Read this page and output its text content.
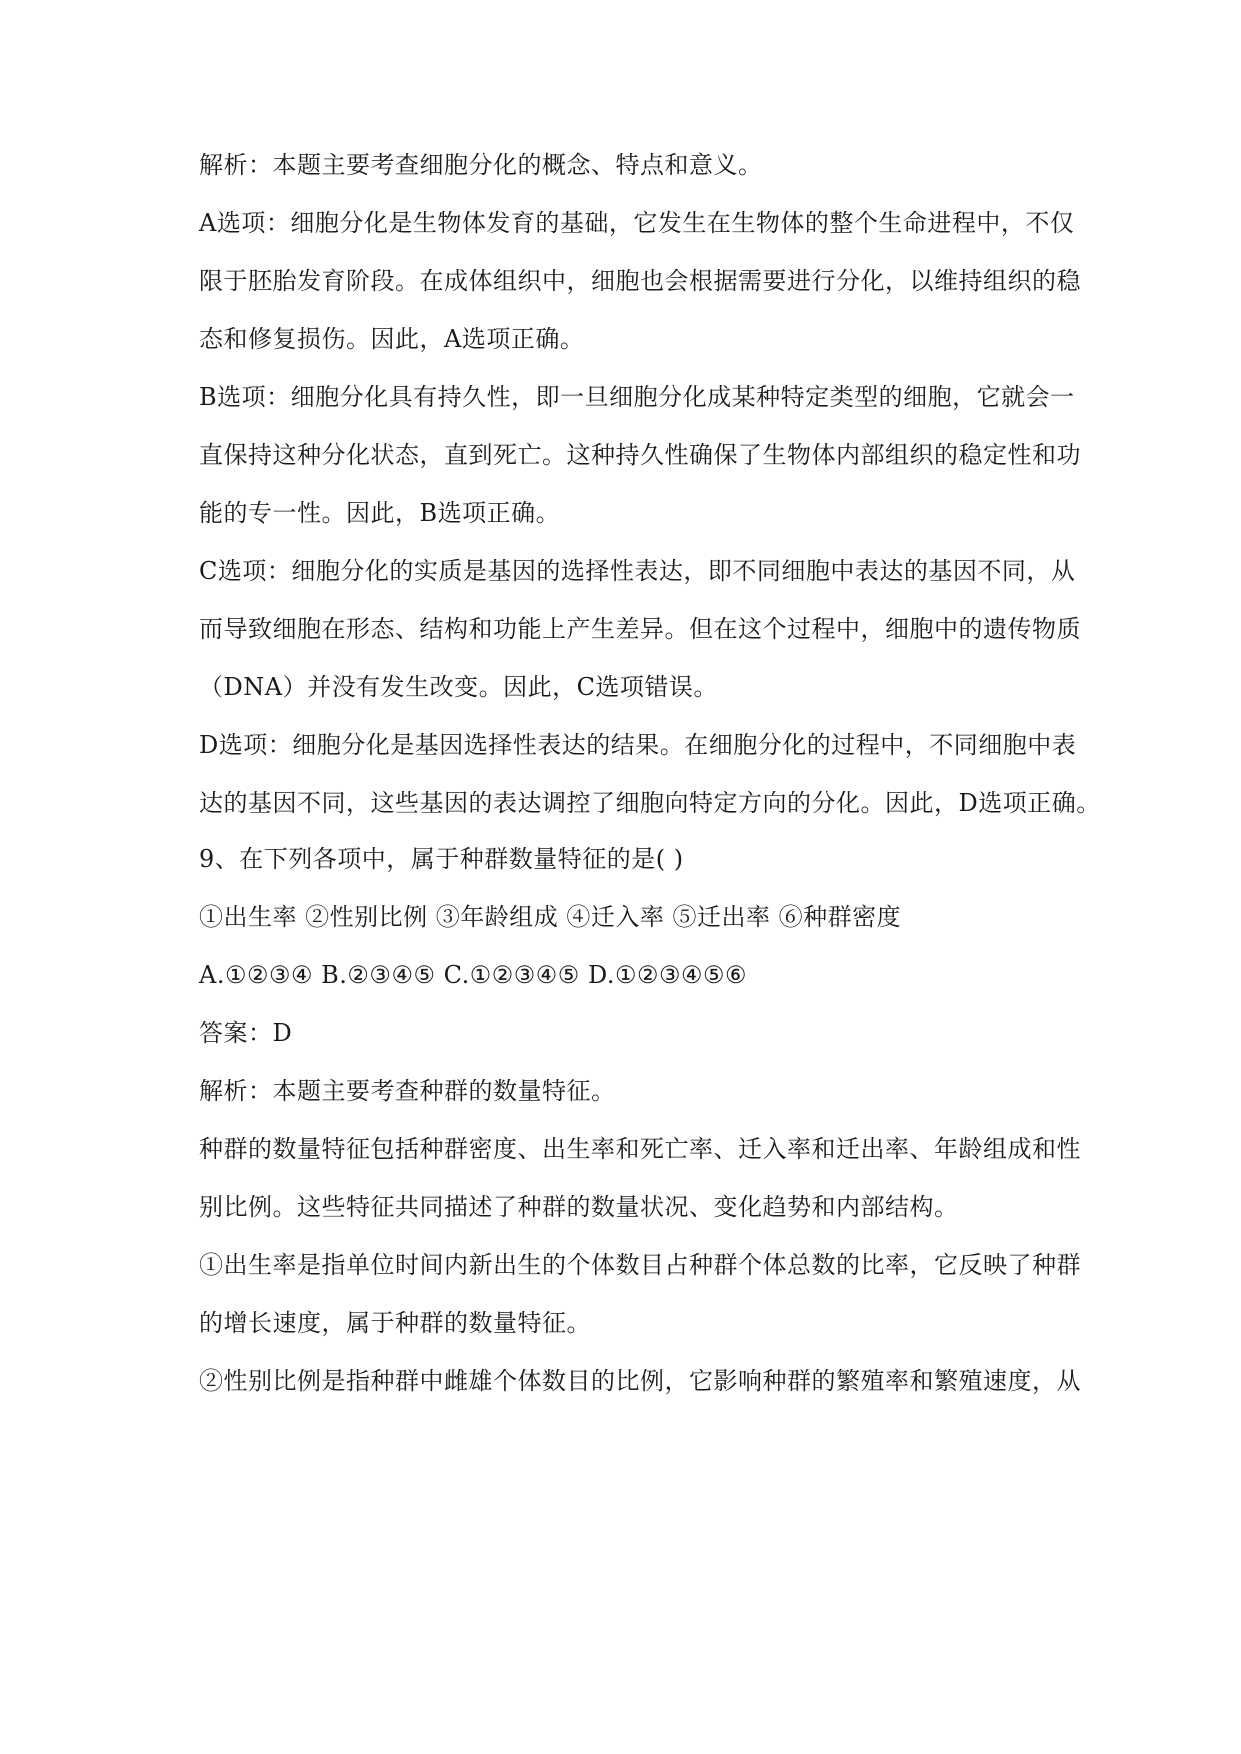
解析：本题主要考查细胞分化的概念、特点和意义。
A选项：细胞分化是生物体发育的基础，它发生在生物体的整个生命进程中，不仅
限于胚胎发育阶段。在成体组织中，细胞也会根据需要进行分化，以维持组织的稳
态和修复损伤。因此，A选项正确。
B选项：细胞分化具有持久性，即一旦细胞分化成某种特定类型的细胞，它就会一
直保持这种分化状态，直到死亡。这种持久性确保了生物体内部组织的稳定性和功
能的专一性。因此，B选项正确。
C选项：细胞分化的实质是基因的选择性表达，即不同细胞中表达的基因不同，从
而导致细胞在形态、结构和功能上产生差异。但在这个过程中，细胞中的遗传物质
（DNA）并没有发生改变。因此，C选项错误。
D选项：细胞分化是基因选择性表达的结果。在细胞分化的过程中，不同细胞中表
达的基因不同，这些基因的表达调控了细胞向特定方向的分化。因此，D选项正确。
9、在下列各项中，属于种群数量特征的是( )
①出生率 ②性别比例 ③年龄组成 ④迁入率 ⑤迁出率 ⑥种群密度
A.①②③④ B.②③④⑤ C.①②③④⑤ D.①②③④⑤⑥
答案：D
解析：本题主要考查种群的数量特征。
种群的数量特征包括种群密度、出生率和死亡率、迁入率和迁出率、年龄组成和性
别比例。这些特征共同描述了种群的数量状况、变化趋势和内部结构。
①出生率是指单位时间内新出生的个体数目占种群个体总数的比率，它反映了种群
的增长速度，属于种群的数量特征。
②性别比例是指种群中雌雄个体数目的比例，它影响种群的繁殖率和繁殖速度，从
